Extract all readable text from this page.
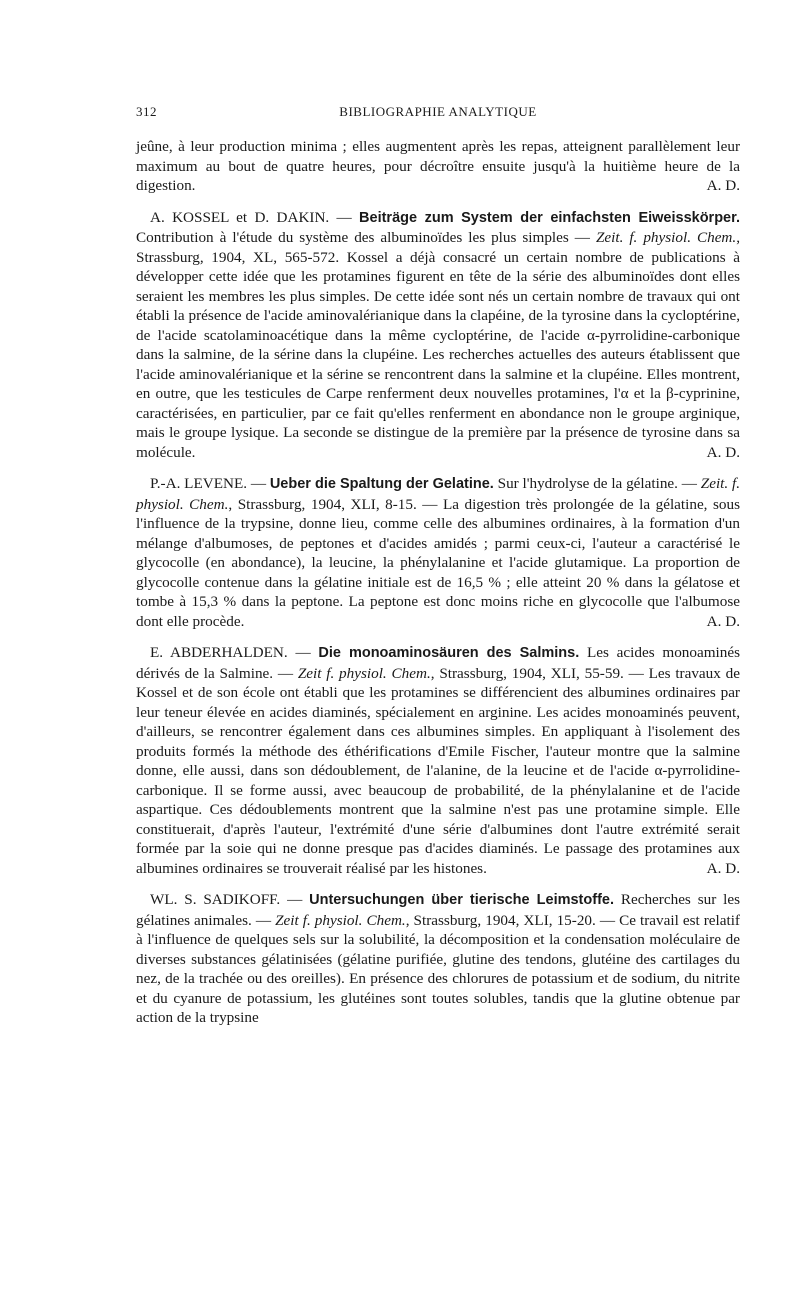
312	BIBLIOGRAPHIE ANALYTIQUE

jeûne, à leur production minima ; elles augmentent après les repas, atteignent parallèlement leur maximum au bout de quatre heures, pour décroître ensuite jusqu'à la huitième heure de la digestion.	A. D.

A. KOSSEL et D. DAKIN. — Beiträge zum System der einfachsten Eiweisskörper. Contribution à l'étude du système des albuminoïdes les plus simples — Zeit. f. physiol. Chem., Strassburg, 1904, XL, 565-572. Kossel a déjà consacré un certain nombre de publications à développer cette idée que les protamines figurent en tête de la série des albuminoïdes dont elles seraient les membres les plus simples. De cette idée sont nés un certain nombre de travaux qui ont établi la présence de l'acide aminovalérianique dans la clapéine, de la tyrosine dans la cycloptérine, de l'acide scatolaminoacétique dans la même cycloptérine, de l'acide α-pyrrolidine-carbonique dans la salmine, de la sérine dans la clupéine. Les recherches actuelles des auteurs établissent que l'acide aminovalérianique et la sérine se rencontrent dans la salmine et la clupéine. Elles montrent, en outre, que les testicules de Carpe renferment deux nouvelles protamines, l'α et la β-cyprinine, caractérisées, en particulier, par ce fait qu'elles renferment en abondance non le groupe arginique, mais le groupe lysique. La seconde se distingue de la première par la présence de tyrosine dans sa molécule.	A. D.

P.-A. LEVENE. — Ueber die Spaltung der Gelatine. Sur l'hydrolyse de la gélatine. — Zeit. f. physiol. Chem., Strassburg, 1904, XLI, 8-15. — La digestion très prolongée de la gélatine, sous l'influence de la trypsine, donne lieu, comme celle des albumines ordinaires, à la formation d'un mélange d'albumoses, de peptones et d'acides amidés ; parmi ceux-ci, l'auteur a caractérisé le glycocolle (en abondance), la leucine, la phénylalanine et l'acide glutamique. La proportion de glycocolle contenue dans la gélatine initiale est de 16,5 % ; elle atteint 20 % dans la gélatose et tombe à 15,3 % dans la peptone. La peptone est donc moins riche en glycocolle que l'albumose dont elle procède.	A. D.

E. ABDERHALDEN. — Die monoaminosäuren des Salmins. Les acides monoaminés dérivés de la Salmine. — Zeit f. physiol. Chem., Strassburg, 1904, XLI, 55-59. — Les travaux de Kossel et de son école ont établi que les protamines se différencient des albumines ordinaires par leur teneur élevée en acides diaminés, spécialement en arginine. Les acides monoaminés peuvent, d'ailleurs, se rencontrer également dans ces albumines simples. En appliquant à l'isolement des produits formés la méthode des éthérifications d'Emile Fischer, l'auteur montre que la salmine donne, elle aussi, dans son dédoublement, de l'alanine, de la leucine et de l'acide α-pyrrolidine-carbonique. Il se forme aussi, avec beaucoup de probabilité, de la phénylalanine et de l'acide aspartique. Ces dédoublements montrent que la salmine n'est pas une protamine simple. Elle constituerait, d'après l'auteur, l'extrémité d'une série d'albumines dont l'autre extrémité serait formée par la soie qui ne donne presque pas d'acides diaminés. Le passage des protamines aux albumines ordinaires se trouverait réalisé par les histones.	A. D.

WL. S. SADIKOFF. — Untersuchungen über tierische Leimstoffe. Recherches sur les gélatines animales. — Zeit f. physiol. Chem., Strassburg, 1904, XLI, 15-20. — Ce travail est relatif à l'influence de quelques sels sur la solubilité, la décomposition et la condensation moléculaire de diverses substances gélatinisées (gélatine purifiée, glutine des tendons, glutéine des cartilages du nez, de la trachée ou des oreilles). En présence des chlorures de potassium et de sodium, du nitrite et du cyanure de potassium, les glutéines sont toutes solubles, tandis que la glutine obtenue par action de la trypsine
